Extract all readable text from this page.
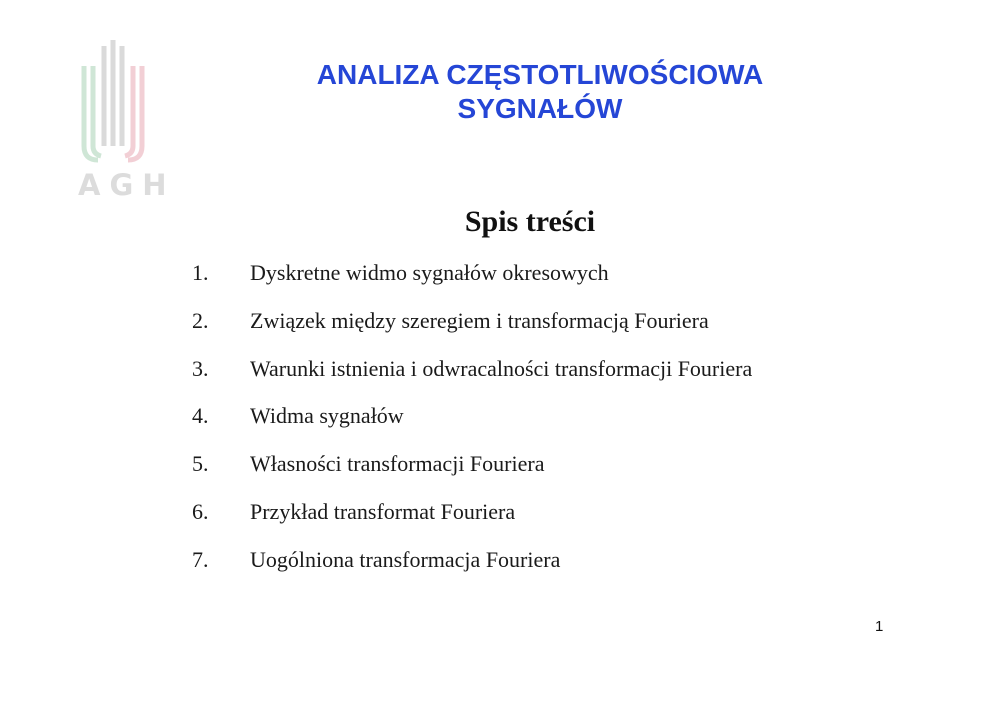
AGH
ANALIZA CZĘSTOTLIWOŚCIOWA
SYGNAŁÓW
Spis treści
1.	Dyskretne widmo sygnałów okresowych
2.	Związek między szeregiem i transformacją Fouriera
3.	Warunki istnienia i odwracalności transformacji Fouriera
4.	Widma sygnałów
5.	Własności transformacji Fouriera
6.	Przykład transformat Fouriera
7.	Uogólniona transformacja Fouriera
1
